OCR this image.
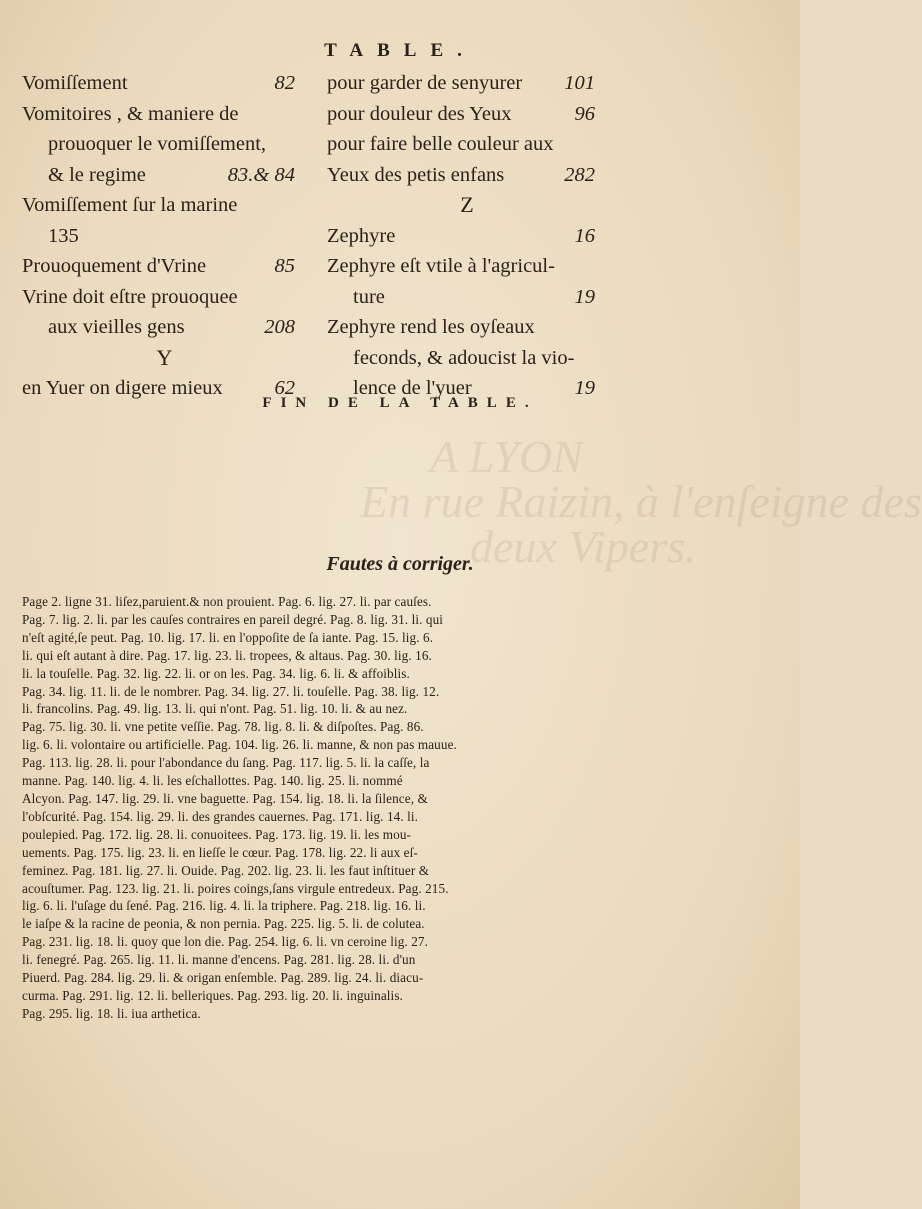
A LYON
En rue Raizin, à l'enſeigne des
deux Vipers.
TABLE.
Vomiſſement	82
Vomitoires , & maniere de
prouoquer le vomiſſement,
& le regime	83.& 84
Vomiſſement ſur la marine
135
Prouoquement d'Vrine	85
Vrine doit eſtre prouoquee
aux vieilles gens	208
Y
en Yuer on digere mieux	62
pour garder de senyurer 101
pour douleur des Yeux	96
pour faire belle couleur aux
Yeux des petis enfans	282
Z
Zephyre	16
Zephyre eſt vtile à l'agricul-
ture	19
Zephyre rend les oyſeaux
feconds, & adoucist la vio-
lence de l'yuer	19
FIN DE LA TABLE.
Fautes à corriger.
Page 2. ligne 31. liſez,paruient.& non prouient. Pag. 6. lig. 27. li. par cauſes.
Pag. 7. lig. 2. li. par les cauſes contraires en pareil degré. Pag. 8. lig. 31. li. qui
n'eſt agité,ſe peut. Pag. 10. lig. 17. li. en l'oppoſite de ſa iante. Pag. 15. lig. 6.
li. qui eſt autant à dire. Pag. 17. lig. 23. li. tropees, & altaus. Pag. 30. lig. 16.
li. la touſelle. Pag. 32. lig. 22. li. or on les. Pag. 34. lig. 6. li. & affoiblis.
Pag. 34. lig. 11. li. de le nombrer. Pag. 34. lig. 27. li. touſelle. Pag. 38. lig. 12.
li. francolins. Pag. 49. lig. 13. li. qui n'ont. Pag. 51. lig. 10. li. & au nez.
Pag. 75. lig. 30. li. vne petite veſſie. Pag. 78. lig. 8. li. & diſpoſtes. Pag. 86.
lig. 6. li. volontaire ou artificielle. Pag. 104. lig. 26. li. manne, & non pas mauue.
Pag. 113. lig. 28. li. pour l'abondance du ſang. Pag. 117. lig. 5. li. la caſſe, la
manne. Pag. 140. lig. 4. li. les eſchallottes. Pag. 140. lig. 25. li. nommé
Alcyon. Pag. 147. lig. 29. li. vne baguette. Pag. 154. lig. 18. li. la ſilence, &
l'obſcurité. Pag. 154. lig. 29. li. des grandes cauernes. Pag. 171. lig. 14. li.
poulepied. Pag. 172. lig. 28. li. conuoitees. Pag. 173. lig. 19. li. les mou-
uements. Pag. 175. lig. 23. li. en lieſſe le cœur. Pag. 178. lig. 22. li aux eſ-
feminez. Pag. 181. lig. 27. li. Ouide. Pag. 202. lig. 23. li. les faut inſtituer &
acouſtumer. Pag. 123. lig. 21. li. poires coings,ſans virgule entredeux. Pag. 215.
lig. 6. li. l'uſage du ſené. Pag. 216. lig. 4. li. la triphere. Pag. 218. lig. 16. li.
le iaſpe & la racine de peonia, & non pernia. Pag. 225. lig. 5. li. de colutea.
Pag. 231. lig. 18. li. quoy que lon die. Pag. 254. lig. 6. li. vn ceroine lig. 27.
li. fenegré. Pag. 265. lig. 11. li. manne d'encens. Pag. 281. lig. 28. li. d'un
Piuerd. Pag. 284. lig. 29. li. & origan enſemble. Pag. 289. lig. 24. li. diacu-
curma. Pag. 291. lig. 12. li. belleriques. Pag. 293. lig. 20. li. inguinalis.
Pag. 295. lig. 18. li. iua arthetica.
